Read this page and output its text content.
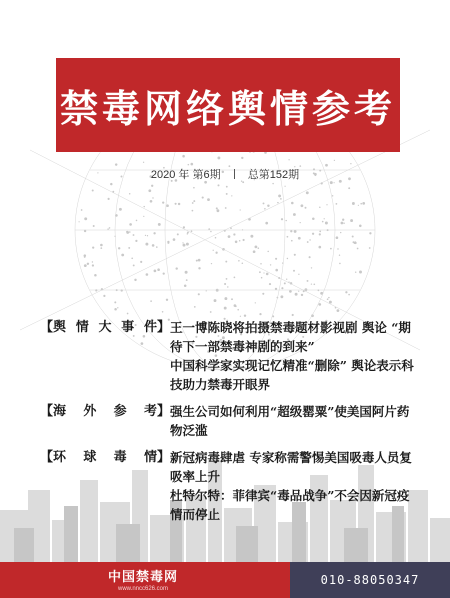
禁毒网络舆情参考
2020 年 第6期 总第152期
【舆情大事件】 王一博陈晓将拍摄禁毒题材影视剧 舆论 “期待下一部禁毒神剧的到来”
中国科学家实现记忆精准“删除” 舆论表示科技助力禁毒开眼界
【海外参考】 强生公司如何利用“超级罂粟”使美国阿片药物泛滥
【环球毒情】 新冠病毒肆虐 专家称需警惕美国吸毒人员复吸率上升
杜特尔特：菲律宾“毒品战争”不会因新冠疫情而停止
中国禁毒网
www.nncc626.com
010-88050347
